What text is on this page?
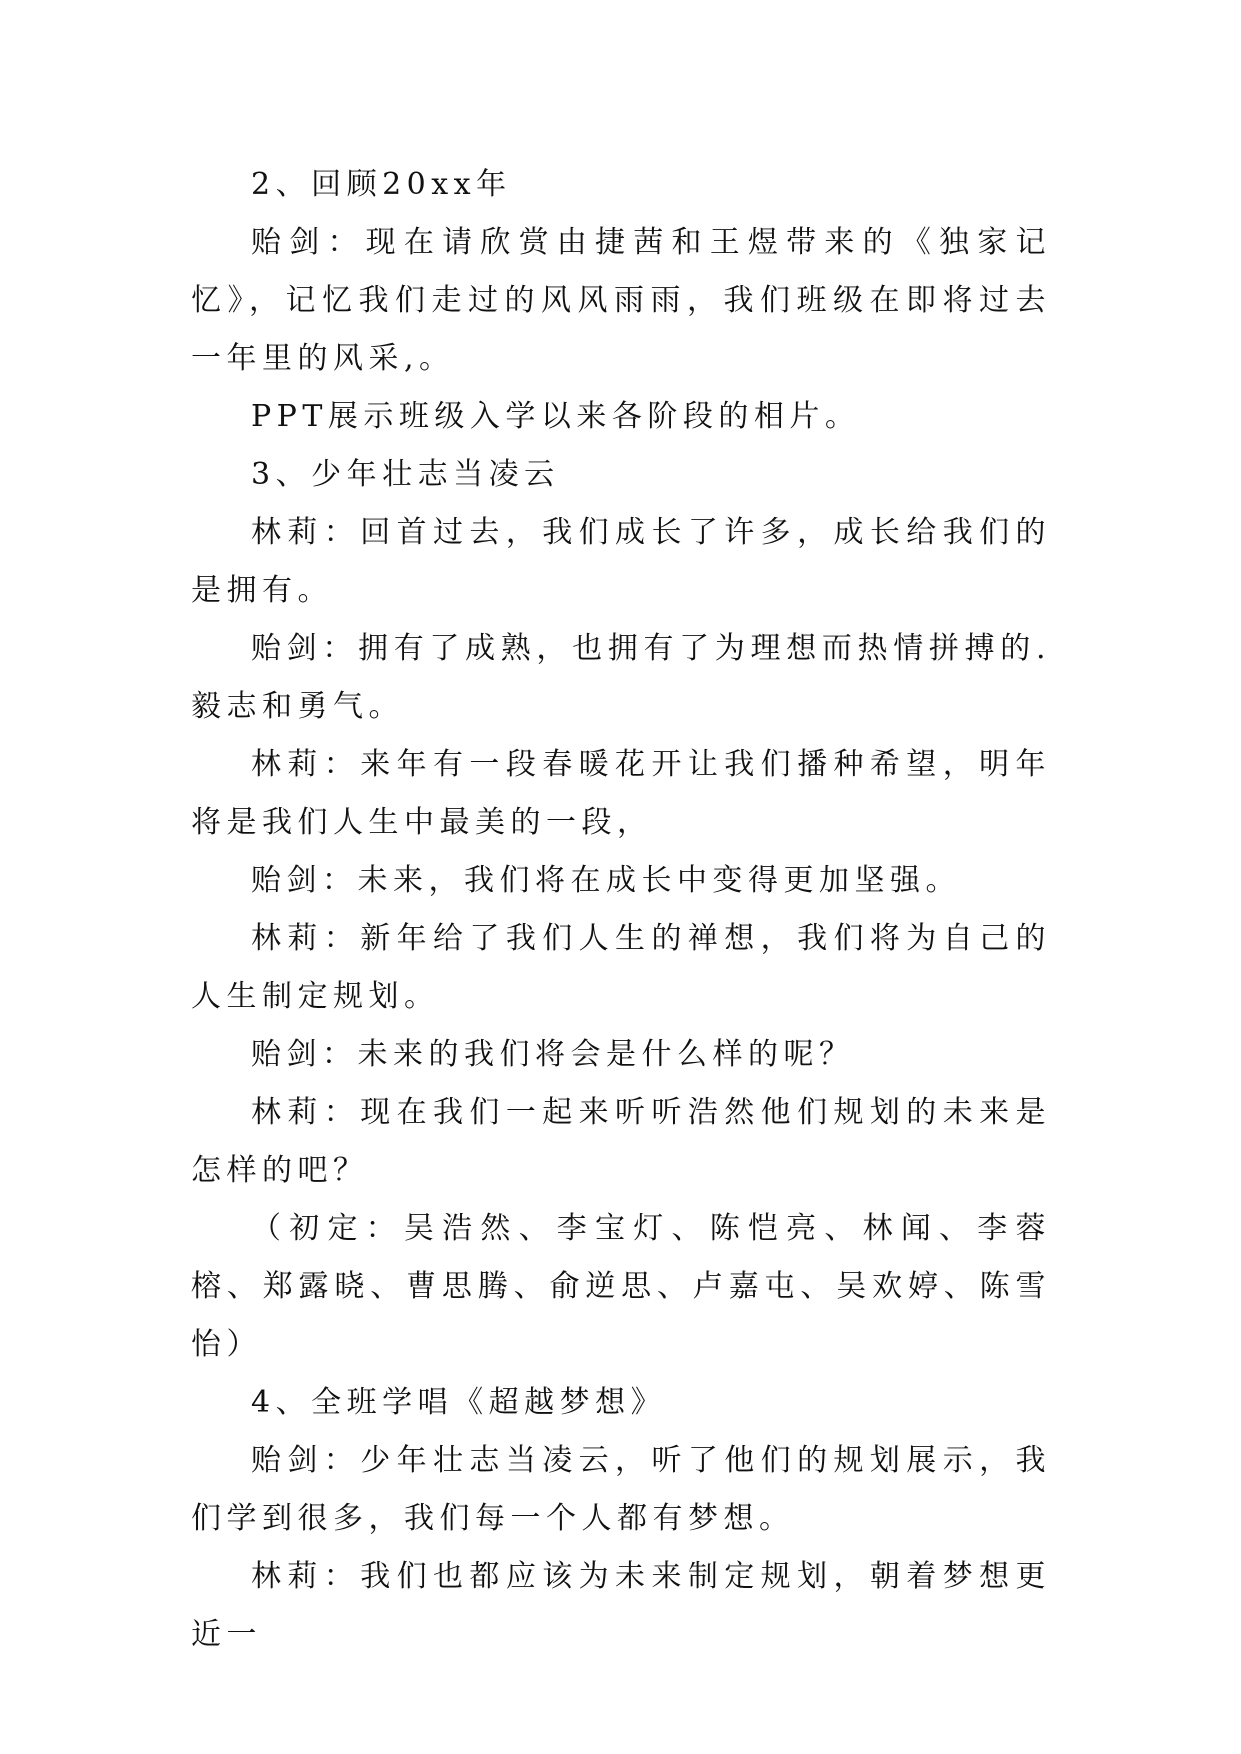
2、回顾20xx年

贻剑：现在请欣赏由捷茜和王煜带来的《独家记忆》，记忆我们走过的风风雨雨，我们班级在即将过去一年里的风采,。

PPT展示班级入学以来各阶段的相片。

3、少年壮志当凌云

林莉：回首过去，我们成长了许多，成长给我们的是拥有。

贻剑：拥有了成熟，也拥有了为理想而热情拼搏的.毅志和勇气。

林莉：来年有一段春暖花开让我们播种希望，明年将是我们人生中最美的一段，

贻剑：未来，我们将在成长中变得更加坚强。

林莉：新年给了我们人生的禅想，我们将为自己的人生制定规划。

贻剑：未来的我们将会是什么样的呢？

林莉：现在我们一起来听听浩然他们规划的未来是怎样的吧？

（初定：吴浩然、李宝灯、陈恺亮、林闻、李蓉榕、郑露晓、曹思腾、俞逆思、卢嘉屯、吴欢婷、陈雪怡）

4、全班学唱《超越梦想》

贻剑：少年壮志当凌云，听了他们的规划展示，我们学到很多，我们每一个人都有梦想。

林莉：我们也都应该为未来制定规划，朝着梦想更近一
